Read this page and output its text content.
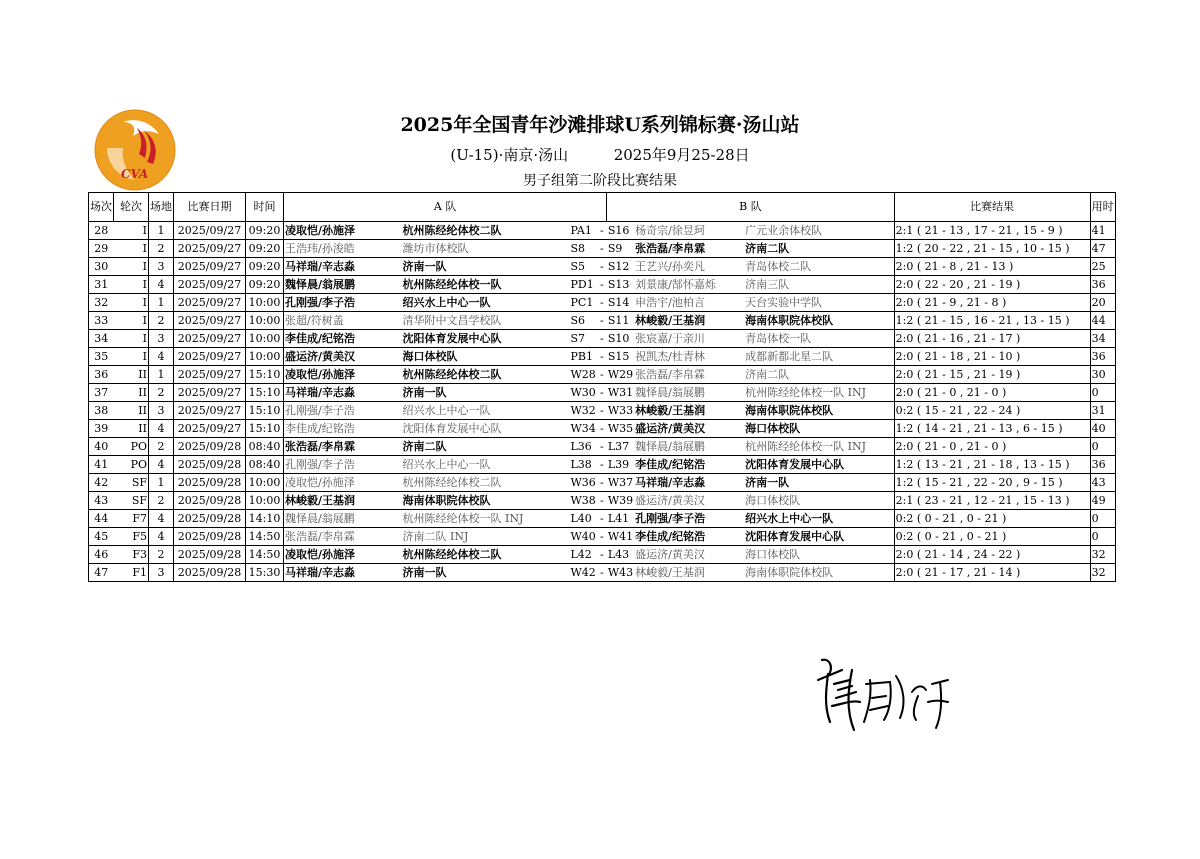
CVA
2025年全国青年沙滩排球U系列锦标赛·汤山站
(U-15)·南京·汤山	2025年9月25-28日
男子组第二阶段比赛结果
场次	轮次	场地	比赛日期	时间	A 队				B 队			比赛结果	用时
28	I	1	2025/09/27	09:20	凌取恺/孙施泽	杭州陈经纶体校二队	PA1	-	S16	杨奇宗/徐昱珂	广元业余体校队	2:1 ( 21 - 13 , 17 - 21 , 15 - 9 )	41
29	I	2	2025/09/27	09:20	王浩玮/孙浚皓	潍坊市体校队	S8	-	S9	张浩磊/李帛霖	济南二队	1:2 ( 20 - 22 , 21 - 15 , 10 - 15 )	47
30	I	3	2025/09/27	09:20	马祥瑞/辛志淼	济南一队	S5	-	S12	王艺兴/孙奕凡	青岛体校二队	2:0 ( 21 - 8 , 21 - 13 )	25
31	I	4	2025/09/27	09:20	魏怿晨/翁展鹏	杭州陈经纶体校一队	PD1	-	S13	刘景康/郜怀嘉烁	济南三队	2:0 ( 22 - 20 , 21 - 19 )	36
32	I	1	2025/09/27	10:00	孔刚强/李子浩	绍兴水上中心一队	PC1	-	S14	申浩宇/池柏言	天台实验中学队	2:0 ( 21 - 9 , 21 - 8 )	20
33	I	2	2025/09/27	10:00	张超/符树盖	清华附中文昌学校队	S6	-	S11	林峻毅/王基润	海南体职院体校队	1:2 ( 21 - 15 , 16 - 21 , 13 - 15 )	44
34	I	3	2025/09/27	10:00	李佳成/纪铭浩	沈阳体育发展中心队	S7	-	S10	张宸嘉/于亲川	青岛体校一队	2:0 ( 21 - 16 , 21 - 17 )	34
35	I	4	2025/09/27	10:00	盛运济/黄美汉	海口体校队	PB1	-	S15	祝凯杰/杜青林	成都新都北星二队	2:0 ( 21 - 18 , 21 - 10 )	36
36	II	1	2025/09/27	15:10	凌取恺/孙施泽	杭州陈经纶体校二队	W28	-	W29	张浩磊/李帛霖	济南二队	2:0 ( 21 - 15 , 21 - 19 )	30
37	II	2	2025/09/27	15:10	马祥瑞/辛志淼	济南一队	W30	-	W31	魏怿晨/翁展鹏	杭州陈经纶体校一队 INJ	2:0 ( 21 - 0 , 21 - 0 )	0
38	II	3	2025/09/27	15:10	孔刚强/李子浩	绍兴水上中心一队	W32	-	W33	林峻毅/王基润	海南体职院体校队	0:2 ( 15 - 21 , 22 - 24 )	31
39	II	4	2025/09/27	15:10	李佳成/纪铭浩	沈阳体育发展中心队	W34	-	W35	盛运济/黄美汉	海口体校队	1:2 ( 14 - 21 , 21 - 13 , 6 - 15 )	40
40	PO	2	2025/09/28	08:40	张浩磊/李帛霖	济南二队	L36	-	L37	魏怿晨/翁展鹏	杭州陈经纶体校一队 INJ	2:0 ( 21 - 0 , 21 - 0 )	0
41	PO	4	2025/09/28	08:40	孔刚强/李子浩	绍兴水上中心一队	L38	-	L39	李佳成/纪铭浩	沈阳体育发展中心队	1:2 ( 13 - 21 , 21 - 18 , 13 - 15 )	36
42	SF	1	2025/09/28	10:00	凌取恺/孙施泽	杭州陈经纶体校二队	W36	-	W37	马祥瑞/辛志淼	济南一队	1:2 ( 15 - 21 , 22 - 20 , 9 - 15 )	43
43	SF	2	2025/09/28	10:00	林峻毅/王基润	海南体职院体校队	W38	-	W39	盛运济/黄美汉	海口体校队	2:1 ( 23 - 21 , 12 - 21 , 15 - 13 )	49
44	F7	4	2025/09/28	14:10	魏怿晨/翁展鹏	杭州陈经纶体校一队 INJ	L40	-	L41	孔刚强/李子浩	绍兴水上中心一队	0:2 ( 0 - 21 , 0 - 21 )	0
45	F5	4	2025/09/28	14:50	张浩磊/李帛霖	济南二队 INJ	W40	-	W41	李佳成/纪铭浩	沈阳体育发展中心队	0:2 ( 0 - 21 , 0 - 21 )	0
46	F3	2	2025/09/28	14:50	凌取恺/孙施泽	杭州陈经纶体校二队	L42	-	L43	盛运济/黄美汉	海口体校队	2:0 ( 21 - 14 , 24 - 22 )	32
47	F1	3	2025/09/28	15:30	马祥瑞/辛志淼	济南一队	W42	-	W43	林峻毅/王基润	海南体职院体校队	2:0 ( 21 - 17 , 21 - 14 )	32
